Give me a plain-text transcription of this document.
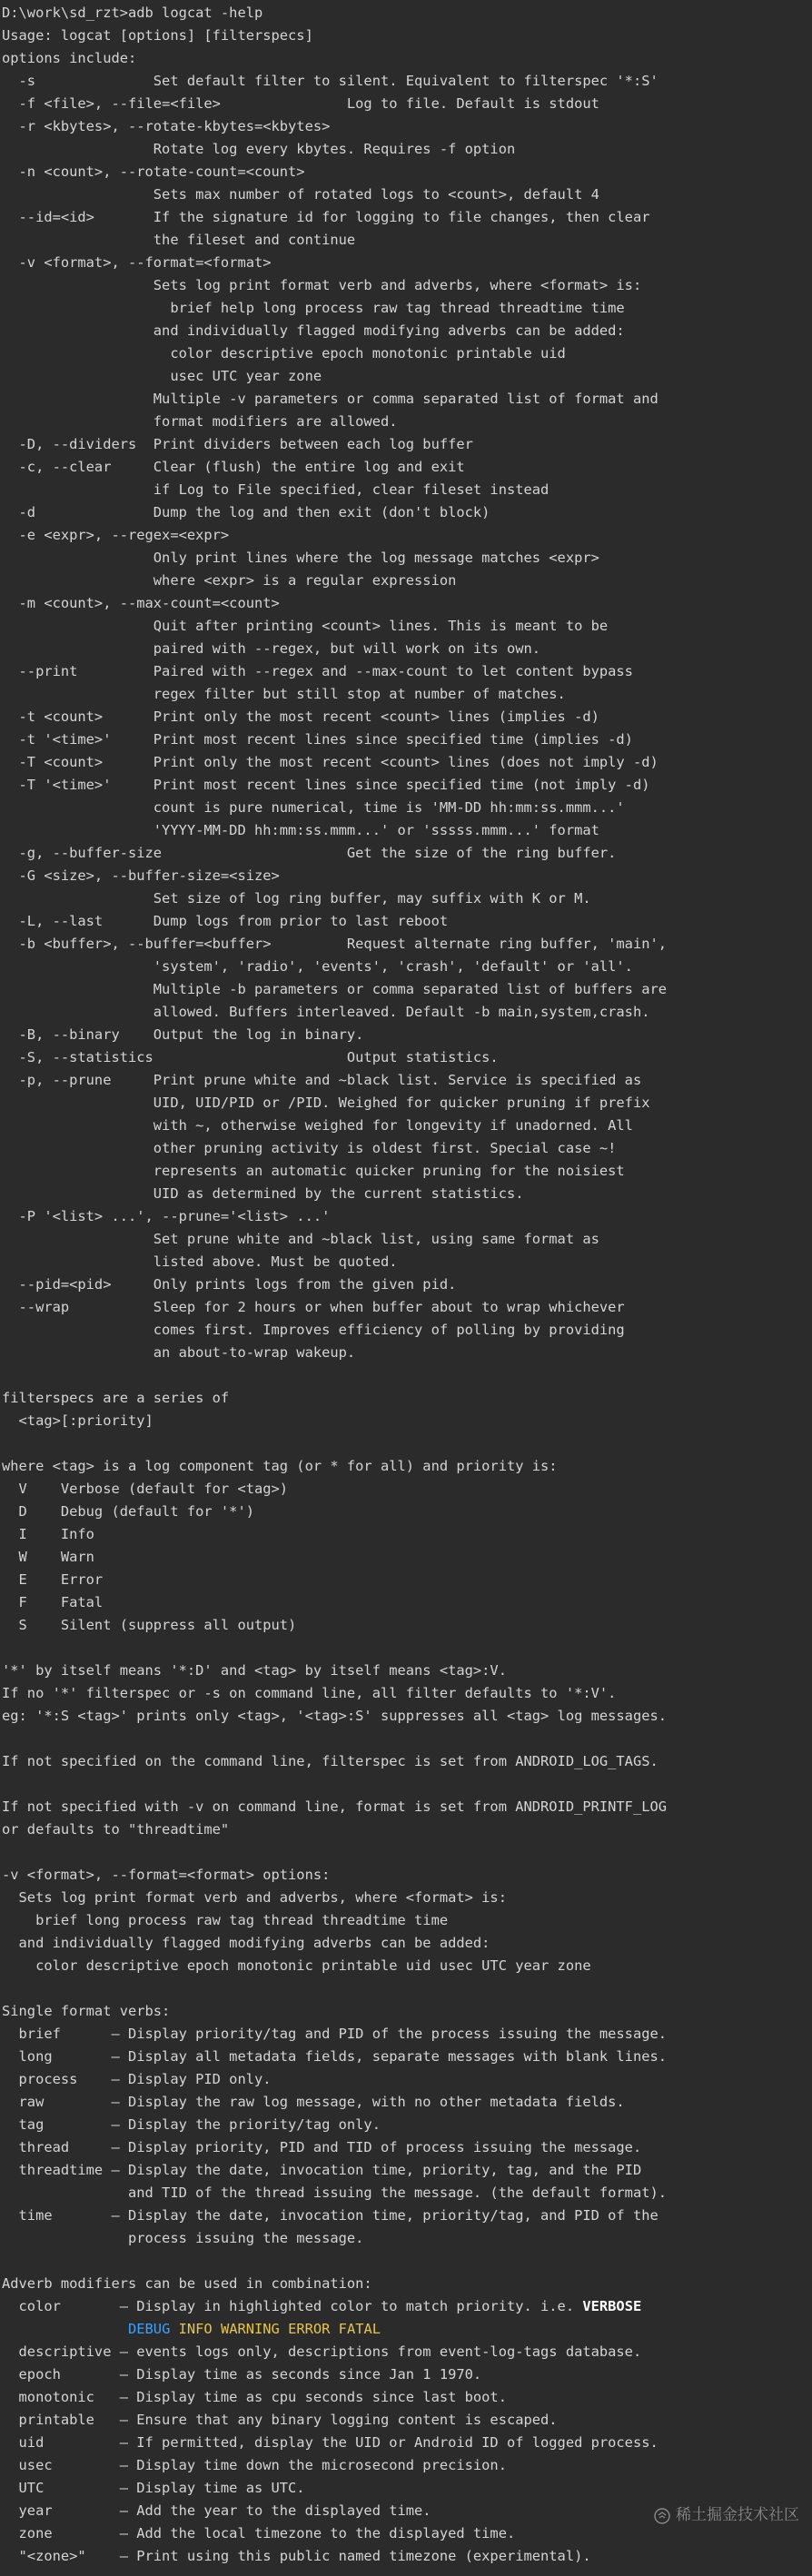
D:\work\sd_rzt>adb logcat -help
Usage: logcat [options] [filterspecs]
options include:
-s              Set default filter to silent. Equivalent to filterspec '*:S'
-f <file>, --file=<file>               Log to file. Default is stdout
-r <kbytes>, --rotate-kbytes=<kbytes>
Rotate log every kbytes. Requires -f option
-n <count>, --rotate-count=<count>
Sets max number of rotated logs to <count>, default 4
--id=<id>       If the signature id for logging to file changes, then clear
the fileset and continue
-v <format>, --format=<format>
Sets log print format verb and adverbs, where <format> is:
brief help long process raw tag thread threadtime time
and individually flagged modifying adverbs can be added:
color descriptive epoch monotonic printable uid
usec UTC year zone
Multiple -v parameters or comma separated list of format and
format modifiers are allowed.
-D, --dividers  Print dividers between each log buffer
-c, --clear     Clear (flush) the entire log and exit
if Log to File specified, clear fileset instead
-d              Dump the log and then exit (don't block)
-e <expr>, --regex=<expr>
Only print lines where the log message matches <expr>
where <expr> is a regular expression
-m <count>, --max-count=<count>
Quit after printing <count> lines. This is meant to be
paired with --regex, but will work on its own.
--print         Paired with --regex and --max-count to let content bypass
regex filter but still stop at number of matches.
-t <count>      Print only the most recent <count> lines (implies -d)
-t '<time>'     Print most recent lines since specified time (implies -d)
-T <count>      Print only the most recent <count> lines (does not imply -d)
-T '<time>'     Print most recent lines since specified time (not imply -d)
count is pure numerical, time is 'MM-DD hh:mm:ss.mmm...'
'YYYY-MM-DD hh:mm:ss.mmm...' or 'sssss.mmm...' format
-g, --buffer-size                      Get the size of the ring buffer.
-G <size>, --buffer-size=<size>
Set size of log ring buffer, may suffix with K or M.
-L, --last      Dump logs from prior to last reboot
-b <buffer>, --buffer=<buffer>         Request alternate ring buffer, 'main',
'system', 'radio', 'events', 'crash', 'default' or 'all'.
Multiple -b parameters or comma separated list of buffers are
allowed. Buffers interleaved. Default -b main,system,crash.
-B, --binary    Output the log in binary.
-S, --statistics                       Output statistics.
-p, --prune     Print prune white and ~black list. Service is specified as
UID, UID/PID or /PID. Weighed for quicker pruning if prefix
with ~, otherwise weighed for longevity if unadorned. All
other pruning activity is oldest first. Special case ~!
represents an automatic quicker pruning for the noisiest
UID as determined by the current statistics.
-P '<list> ...', --prune='<list> ...'
Set prune white and ~black list, using same format as
listed above. Must be quoted.
--pid=<pid>     Only prints logs from the given pid.
--wrap          Sleep for 2 hours or when buffer about to wrap whichever
comes first. Improves efficiency of polling by providing
an about-to-wrap wakeup.
filterspecs are a series of
<tag>[:priority]
where <tag> is a log component tag (or * for all) and priority is:
V    Verbose (default for <tag>)
D    Debug (default for '*')
I    Info
W    Warn
E    Error
F    Fatal
S    Silent (suppress all output)
'*' by itself means '*:D' and <tag> by itself means <tag>:V.
If no '*' filterspec or -s on command line, all filter defaults to '*:V'.
eg: '*:S <tag>' prints only <tag>, '<tag>:S' suppresses all <tag> log messages.
If not specified on the command line, filterspec is set from ANDROID_LOG_TAGS.
If not specified with -v on command line, format is set from ANDROID_PRINTF_LOG
or defaults to "threadtime"
-v <format>, --format=<format> options:
Sets log print format verb and adverbs, where <format> is:
brief long process raw tag thread threadtime time
and individually flagged modifying adverbs can be added:
color descriptive epoch monotonic printable uid usec UTC year zone
Single format verbs:
brief      — Display priority/tag and PID of the process issuing the message.
long       — Display all metadata fields, separate messages with blank lines.
process    — Display PID only.
raw        — Display the raw log message, with no other metadata fields.
tag        — Display the priority/tag only.
thread     — Display priority, PID and TID of process issuing the message.
threadtime — Display the date, invocation time, priority, tag, and the PID
and TID of the thread issuing the message. (the default format).
time       — Display the date, invocation time, priority/tag, and PID of the
process issuing the message.
Adverb modifiers can be used in combination:
color       — Display in highlighted color to match priority. i.e. VERBOSE
DEBUG INFO WARNING ERROR FATAL
descriptive — events logs only, descriptions from event-log-tags database.
epoch       — Display time as seconds since Jan 1 1970.
monotonic   — Display time as cpu seconds since last boot.
printable   — Ensure that any binary logging content is escaped.
uid         — If permitted, display the UID or Android ID of logged process.
usec        — Display time down the microsecond precision.
UTC         — Display time as UTC.
year        — Add the year to the displayed time.
zone        — Add the local timezone to the displayed time.
"<zone>"    — Print using this public named timezone (experimental).
稀土掘金技术社区
